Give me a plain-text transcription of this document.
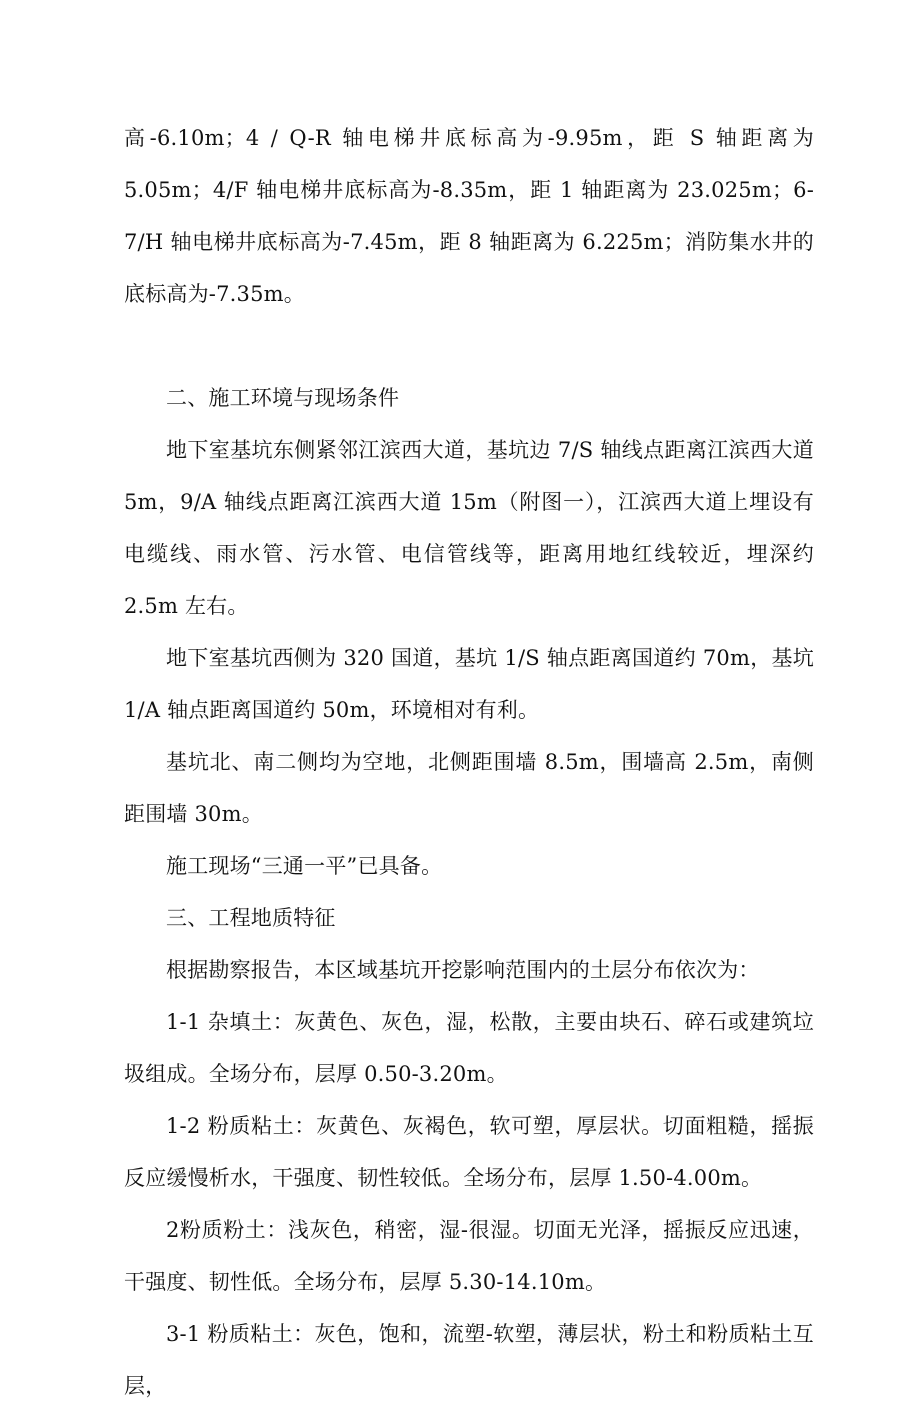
高-6.10m；4 / Q-R 轴电梯井底标高为-9.95m，距 S 轴距离为 5.05m；4/F 轴电梯井底标高为-8.35m，距 1 轴距离为 23.025m；6-7/H 轴电梯井底标高为-7.45m，距 8 轴距离为 6.225m；消防集水井的底标高为-7.35m。

二、施工环境与现场条件

地下室基坑东侧紧邻江滨西大道，基坑边 7/S 轴线点距离江滨西大道 5m，9/A 轴线点距离江滨西大道 15m（附图一），江滨西大道上埋设有电缆线、雨水管、污水管、电信管线等，距离用地红线较近，埋深约 2.5m 左右。

地下室基坑西侧为 320 国道，基坑 1/S 轴点距离国道约 70m，基坑 1/A 轴点距离国道约 50m，环境相对有利。

基坑北、南二侧均为空地，北侧距围墙 8.5m，围墙高 2.5m，南侧距围墙 30m。

施工现场“三通一平”已具备。

三、工程地质特征

根据勘察报告，本区域基坑开挖影响范围内的土层分布依次为：

1-1 杂填土：灰黄色、灰色，湿，松散，主要由块石、碎石或建筑垃圾组成。全场分布，层厚 0.50-3.20m。

1-2 粉质粘土：灰黄色、灰褐色，软可塑，厚层状。切面粗糙，摇振反应缓慢析水，干强度、韧性较低。全场分布，层厚 1.50-4.00m。

2粉质粉土：浅灰色，稍密，湿-很湿。切面无光泽，摇振反应迅速，干强度、韧性低。全场分布，层厚 5.30-14.10m。

3-1 粉质粘土：灰色，饱和，流塑-软塑，薄层状，粉土和粉质粘土互层，
